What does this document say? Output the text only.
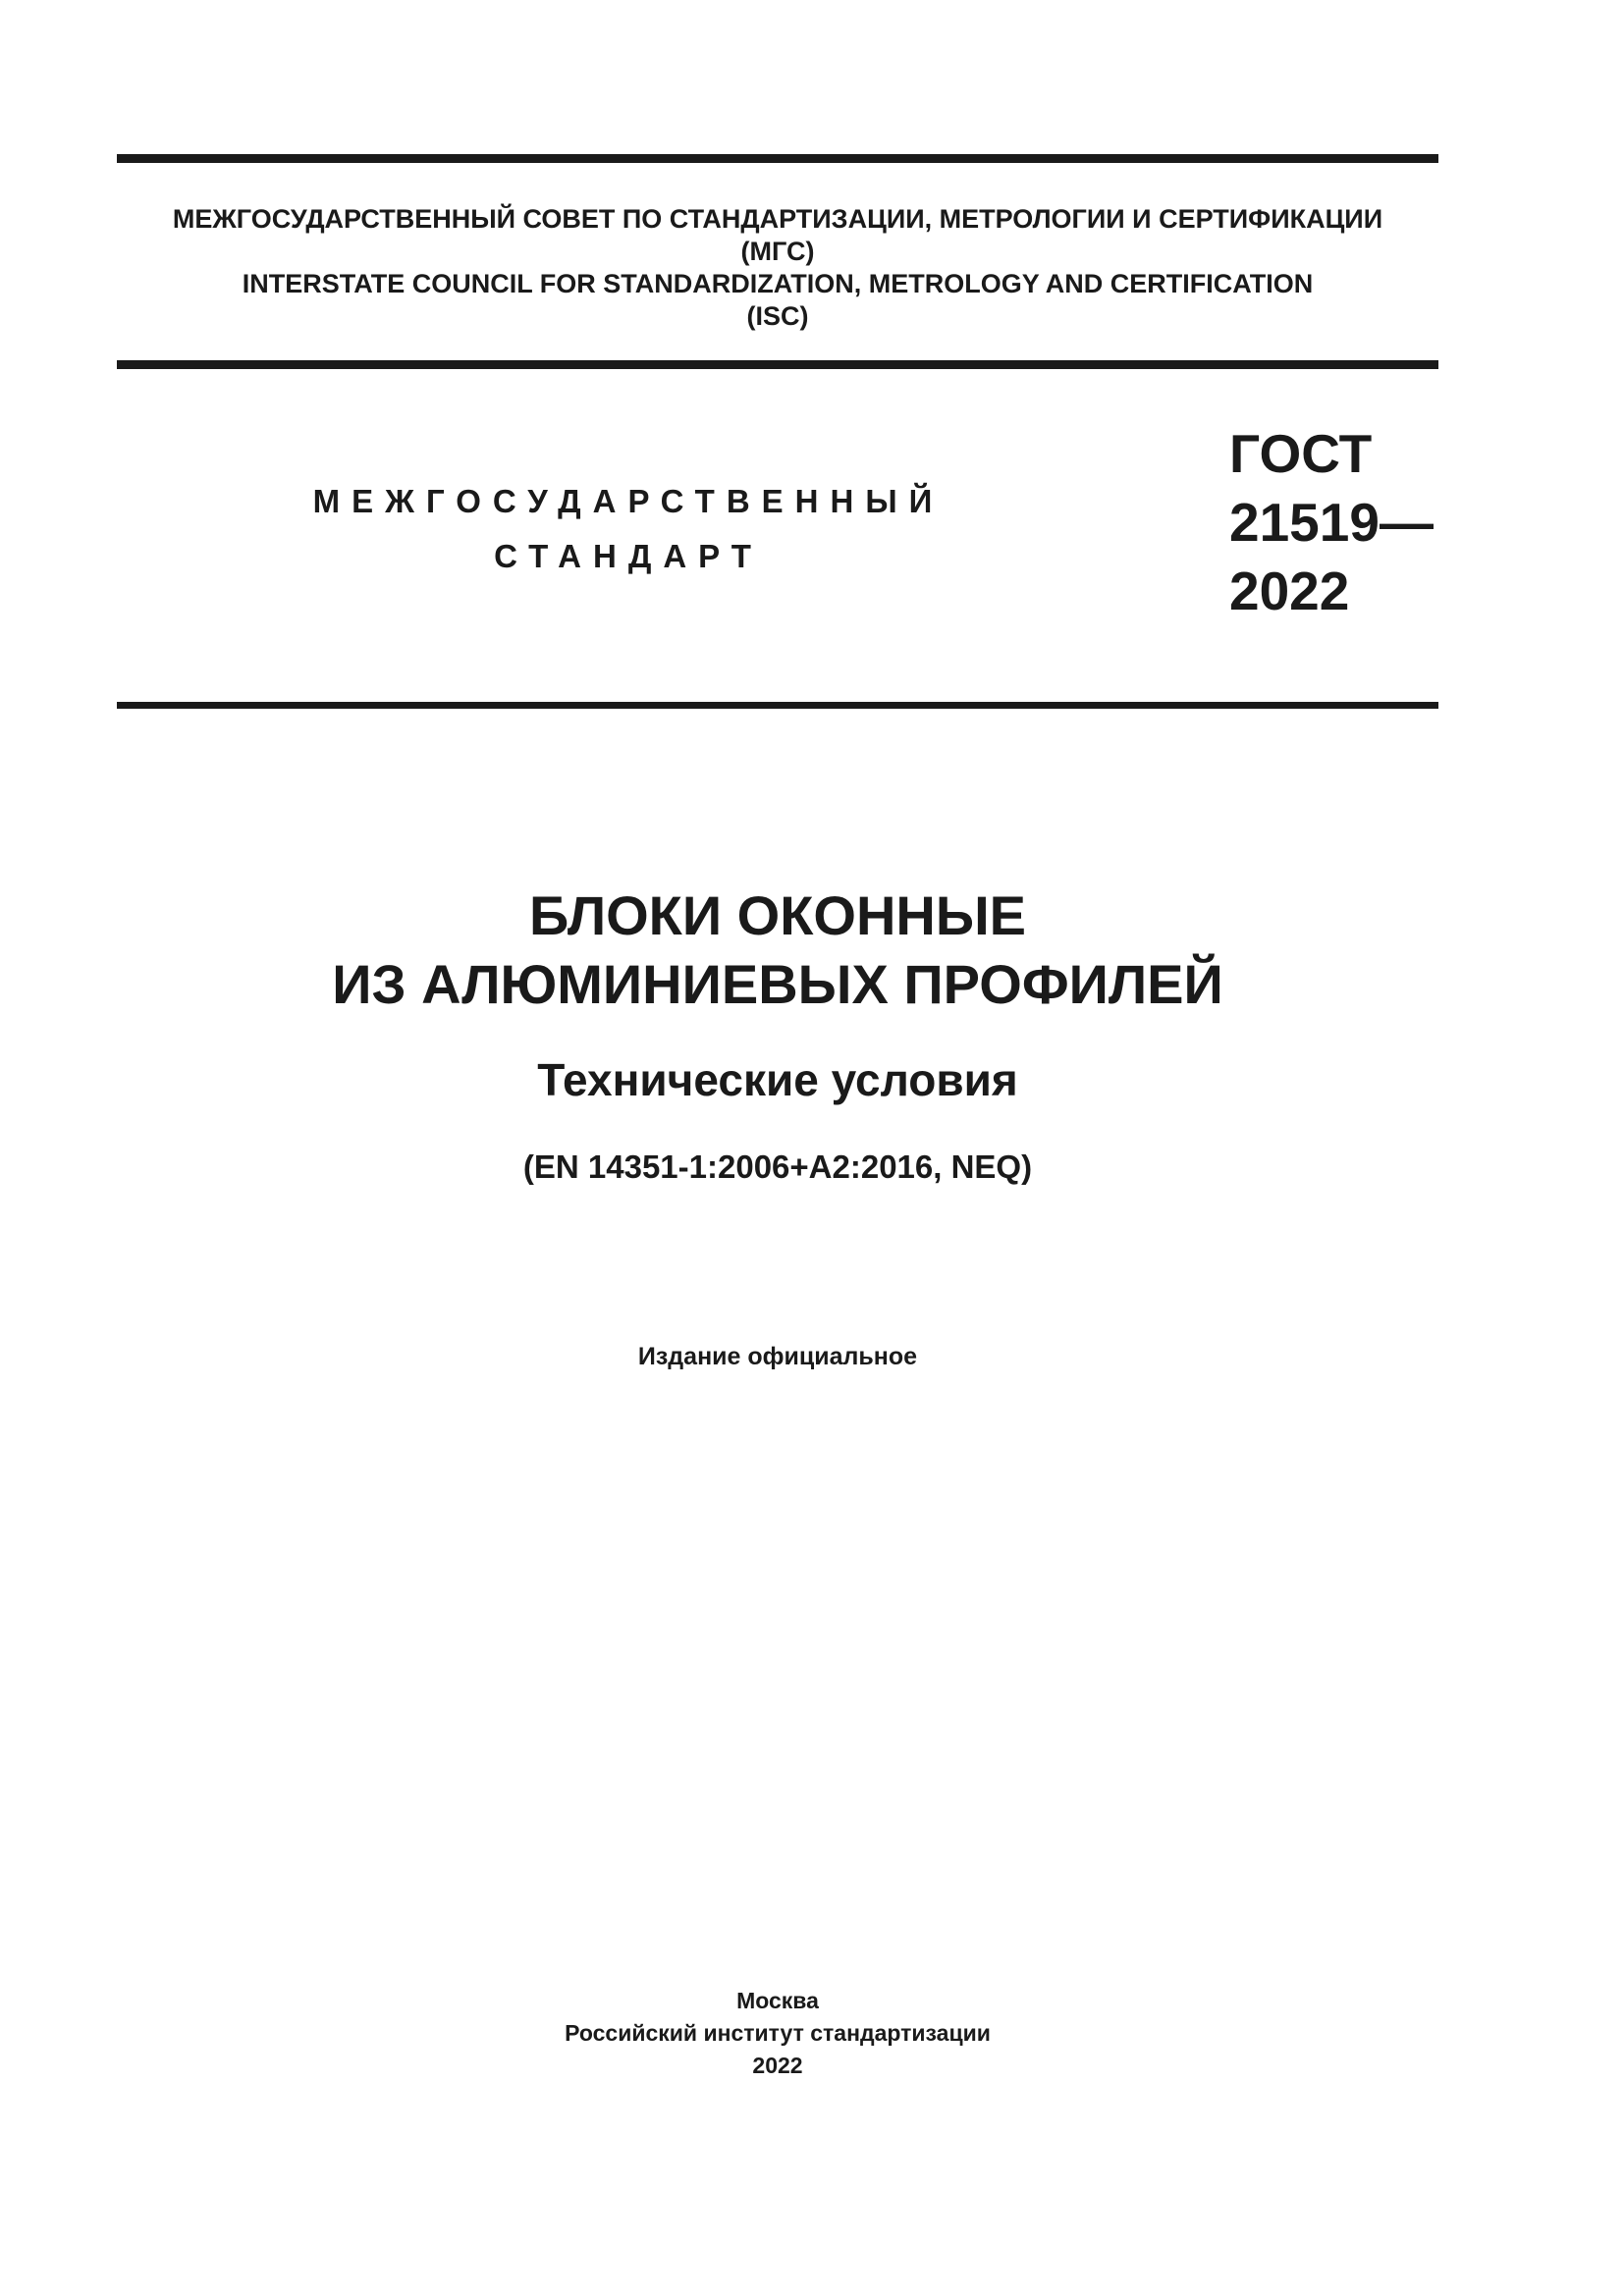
МЕЖГОСУДАРСТВЕННЫЙ СОВЕТ ПО СТАНДАРТИЗАЦИИ, МЕТРОЛОГИИ И СЕРТИФИКАЦИИ
(МГС)
INTERSTATE COUNCIL FOR STANDARDIZATION, METROLOGY AND CERTIFICATION
(ISC)
МЕЖГОСУДАРСТВЕННЫЙ
СТАНДАРТ
ГОСТ
21519—
2022
БЛОКИ ОКОННЫЕ
ИЗ АЛЮМИНИЕВЫХ ПРОФИЛЕЙ
Технические условия
(EN 14351-1:2006+A2:2016, NEQ)
Издание официальное
Москва
Российский институт стандартизации
2022
